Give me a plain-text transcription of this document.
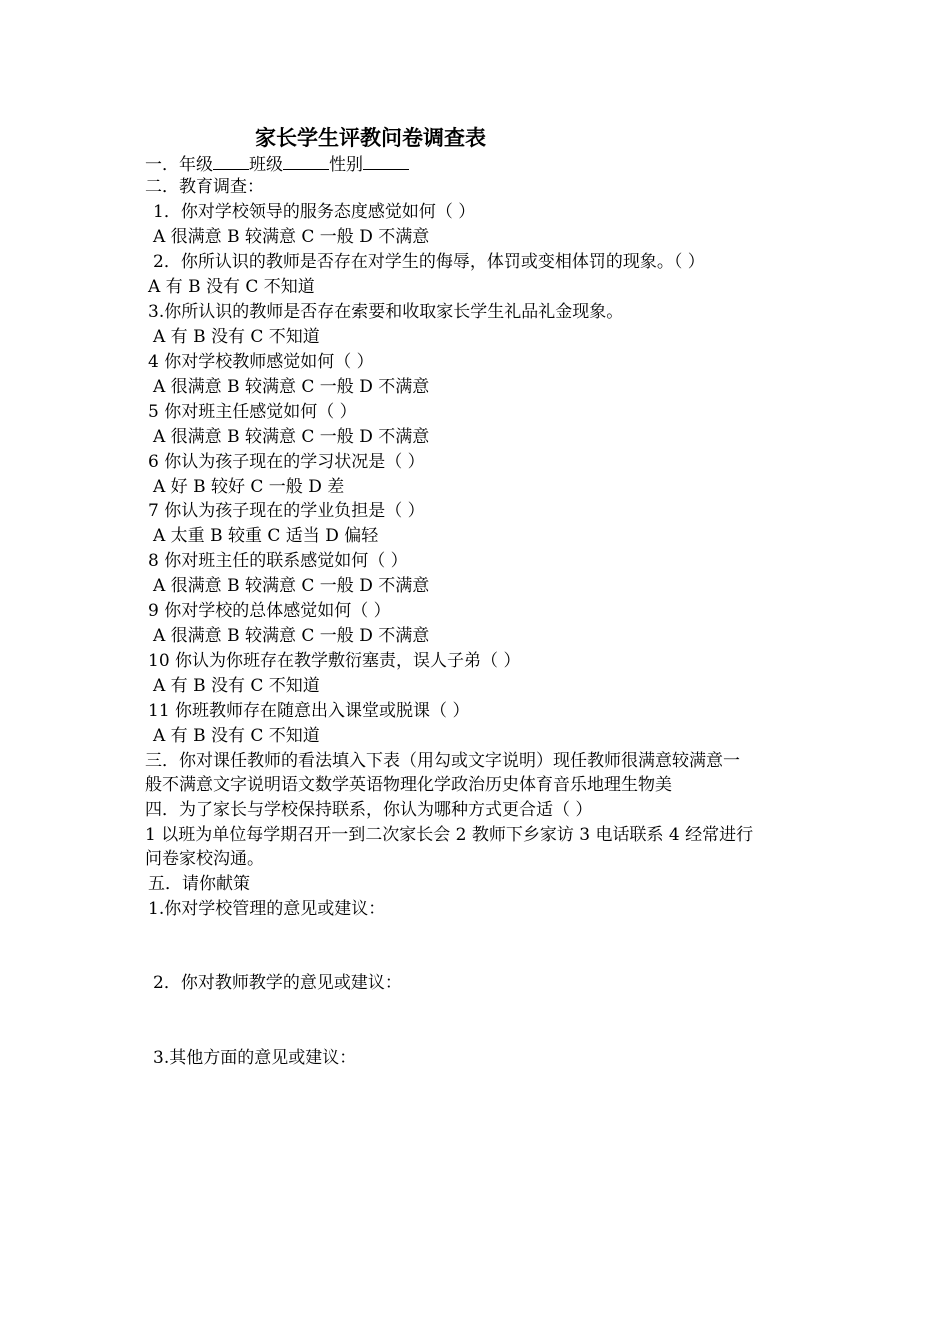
家长学生评教问卷调查表
一．年级 班级	性别
二．教育调查：
1．你对学校领导的服务态度感觉如何（ ）
A 很满意 B 较满意 C 一般 D 不满意
2．你所认识的教师是否存在对学生的侮辱，体罚或变相体罚的现象。（ ）
A 有 B 没有 C 不知道
3.你所认识的教师是否存在索要和收取家长学生礼品礼金现象。
A 有 B 没有 C 不知道
4 你对学校教师感觉如何（ ）
A 很满意 B 较满意 C 一般 D 不满意
5 你对班主任感觉如何（ ）
A 很满意 B 较满意 C 一般 D 不满意
6 你认为孩子现在的学习状况是（ ）
A 好 B 较好 C 一般 D 差
7 你认为孩子现在的学业负担是（ ）
A 太重 B 较重 C 适当 D 偏轻
8 你对班主任的联系感觉如何（ ）
A 很满意 B 较满意 C 一般 D 不满意
9 你对学校的总体感觉如何（ ）
A 很满意 B 较满意 C 一般 D 不满意
10 你认为你班存在教学敷衍塞责，误人子弟（ ）
A 有 B 没有 C 不知道
11 你班教师存在随意出入课堂或脱课（ ）
A 有 B 没有 C 不知道
三．你对课任教师的看法填入下表（用勾或文字说明）现任教师很满意较满意一
般不满意文字说明语文数学英语物理化学政治历史体育音乐地理生物美
四．为了家长与学校保持联系，你认为哪种方式更合适（ ）
1 以班为单位每学期召开一到二次家长会 2 教师下乡家访 3 电话联系 4 经常进行
问卷家校沟通。
五．请你献策
1.你对学校管理的意见或建议：
2．你对教师教学的意见或建议：
3.其他方面的意见或建议：
